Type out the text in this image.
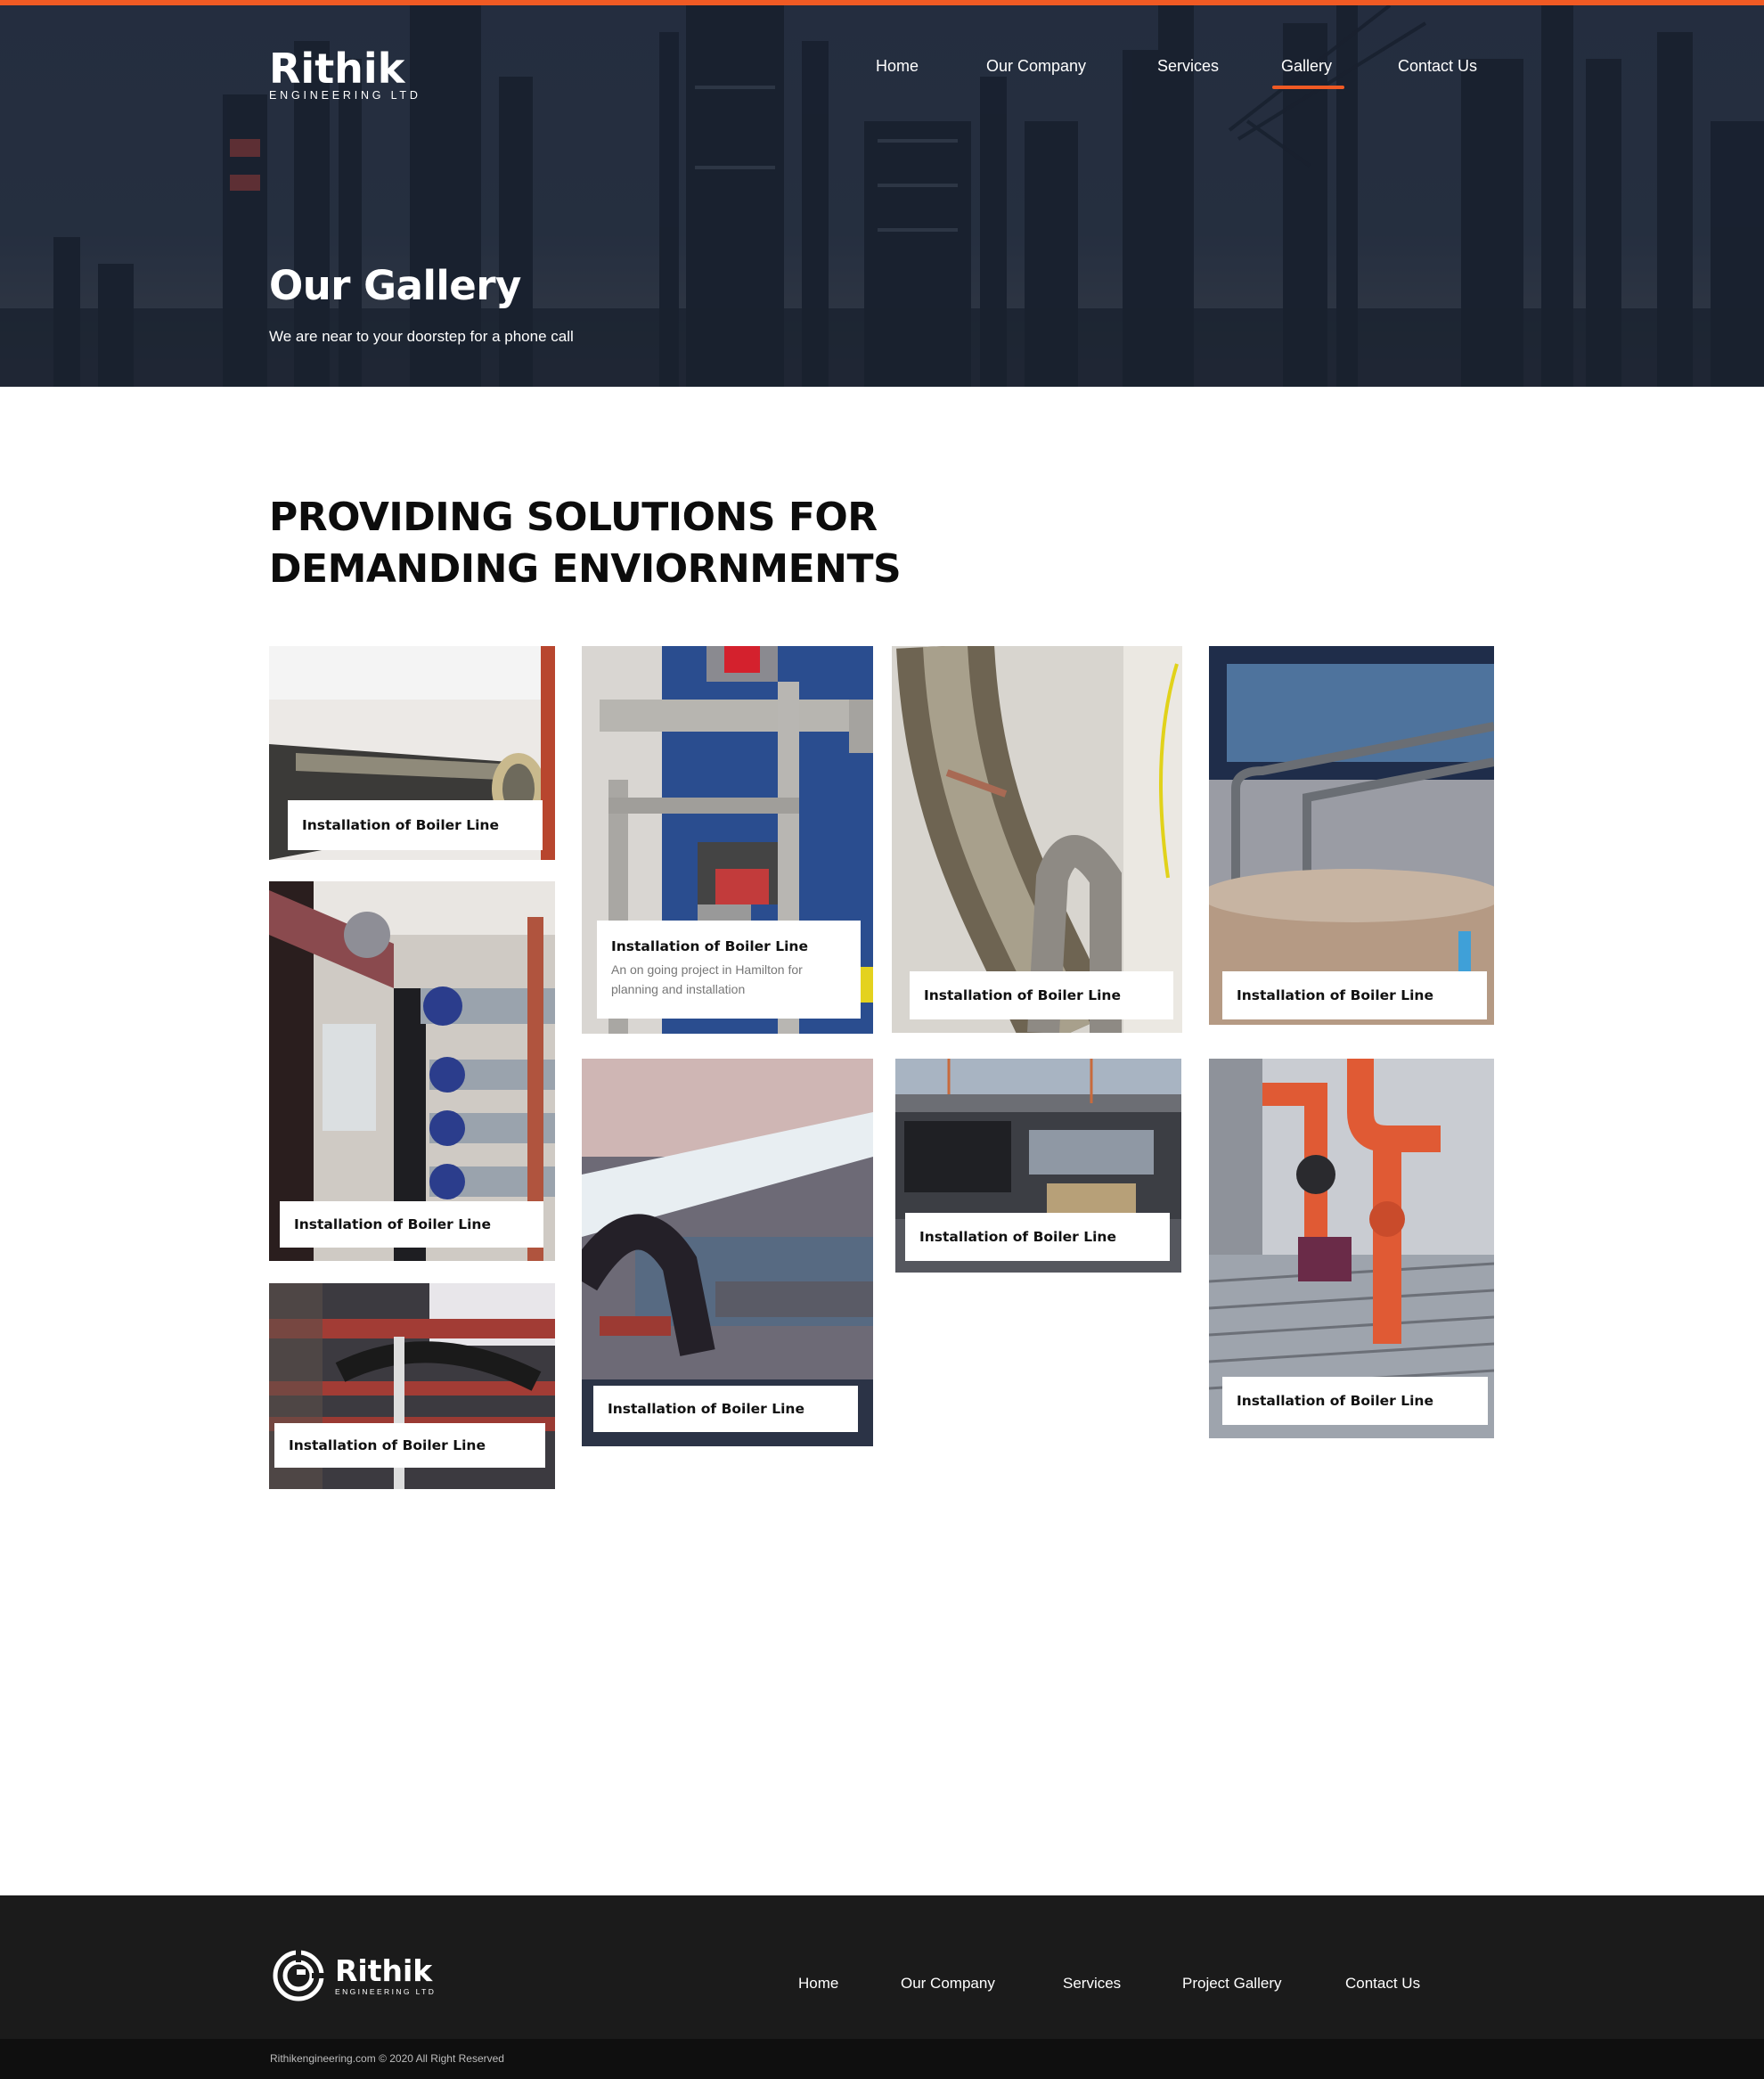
Rithik
ENGINEERING LTD
Home	Our Company	Services	Gallery	Contact Us
Our Gallery

We are near to your doorstep for a phone call

PROVIDING SOLUTIONS FOR
DEMANDING ENVIORNMENTS
Installation of Boiler Line
Installation of Boiler Line
Installation of Boiler Line
Installation of Boiler Line
An on going project in Hamilton for planning and installation
Installation of Boiler Line
Installation of Boiler Line
Installation of Boiler Line
Installation of Boiler Line
Installation of Boiler Line
Rithik
ENGINEERING LTD	Home	Our Company	Services	Project Gallery	Contact Us
Rithikengineering.com © 2020 All Right Reserved
